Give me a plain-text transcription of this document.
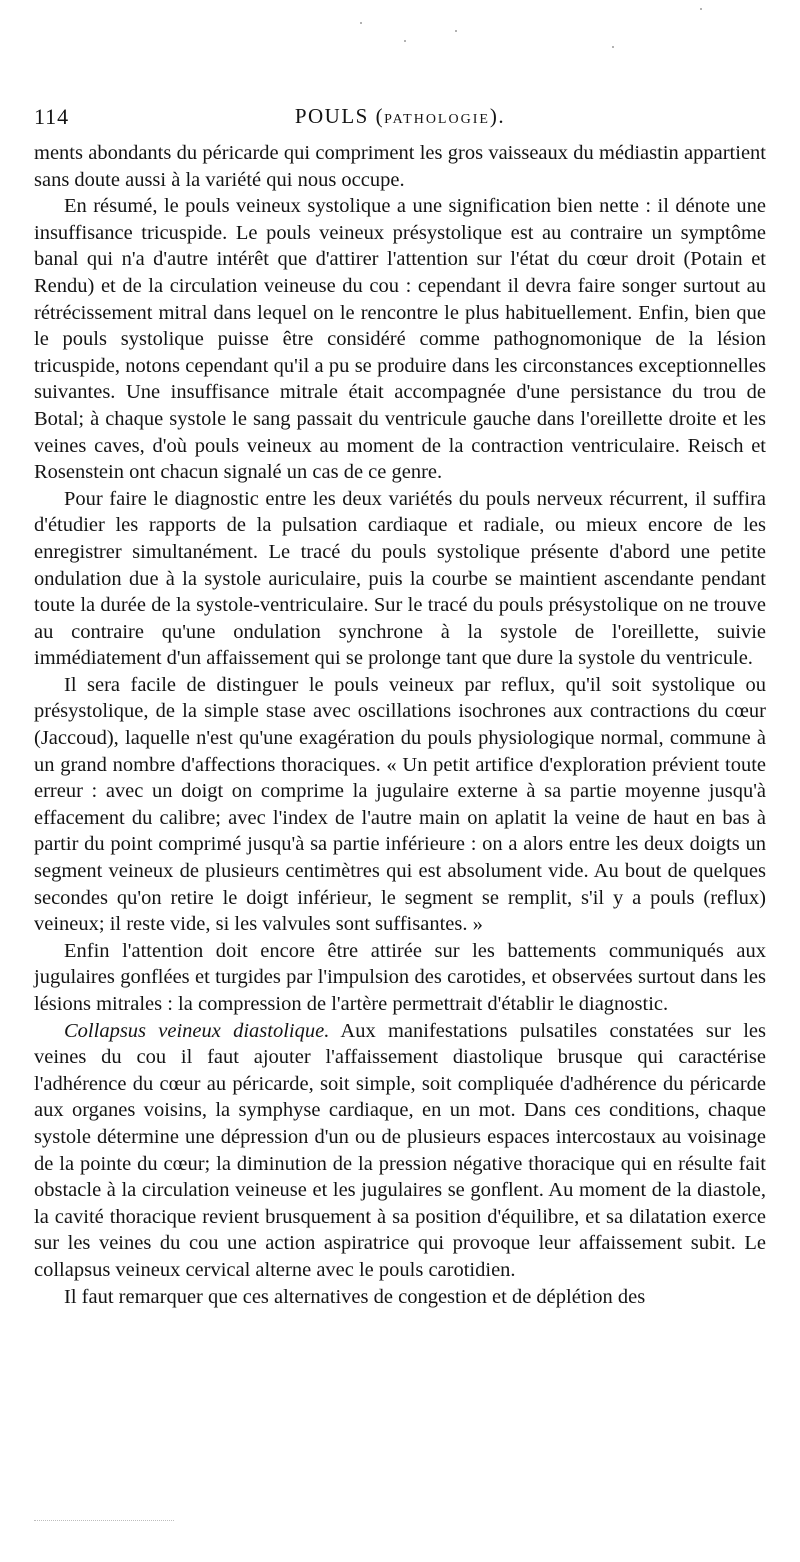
114	POULS (PATHOLOGIE).

ments abondants du péricarde qui compriment les gros vaisseaux du médiastin appartient sans doute aussi à la variété qui nous occupe.

En résumé, le pouls veineux systolique a une signification bien nette : il dénote une insuffisance tricuspide. Le pouls veineux présystolique est au contraire un symptôme banal qui n'a d'autre intérêt que d'attirer l'attention sur l'état du cœur droit (Potain et Rendu) et de la circulation veineuse du cou : cependant il devra faire songer surtout au rétrécissement mitral dans lequel on le rencontre le plus habituellement. Enfin, bien que le pouls systolique puisse être considéré comme pathognomonique de la lésion tricuspide, notons cependant qu'il a pu se produire dans les circonstances exceptionnelles suivantes. Une insuffisance mitrale était accompagnée d'une persistance du trou de Botal; à chaque systole le sang passait du ventricule gauche dans l'oreillette droite et les veines caves, d'où pouls veineux au moment de la contraction ventriculaire. Reisch et Rosenstein ont chacun signalé un cas de ce genre.

Pour faire le diagnostic entre les deux variétés du pouls nerveux récurrent, il suffira d'étudier les rapports de la pulsation cardiaque et radiale, ou mieux encore de les enregistrer simultanément. Le tracé du pouls systolique présente d'abord une petite ondulation due à la systole auriculaire, puis la courbe se maintient ascendante pendant toute la durée de la systole-ventriculaire. Sur le tracé du pouls présystolique on ne trouve au contraire qu'une ondulation synchrone à la systole de l'oreillette, suivie immédiatement d'un affaissement qui se prolonge tant que dure la systole du ventricule.

Il sera facile de distinguer le pouls veineux par reflux, qu'il soit systolique ou présystolique, de la simple stase avec oscillations isochrones aux contractions du cœur (Jaccoud), laquelle n'est qu'une exagération du pouls physiologique normal, commune à un grand nombre d'affections thoraciques. « Un petit artifice d'exploration prévient toute erreur : avec un doigt on comprime la jugulaire externe à sa partie moyenne jusqu'à effacement du calibre; avec l'index de l'autre main on aplatit la veine de haut en bas à partir du point comprimé jusqu'à sa partie inférieure : on a alors entre les deux doigts un segment veineux de plusieurs centimètres qui est absolument vide. Au bout de quelques secondes qu'on retire le doigt inférieur, le segment se remplit, s'il y a pouls (reflux) veineux; il reste vide, si les valvules sont suffisantes. »

Enfin l'attention doit encore être attirée sur les battements communiqués aux jugulaires gonflées et turgides par l'impulsion des carotides, et observées surtout dans les lésions mitrales : la compression de l'artère permettrait d'établir le diagnostic.

Collapsus veineux diastolique. Aux manifestations pulsatiles constatées sur les veines du cou il faut ajouter l'affaissement diastolique brusque qui caractérise l'adhérence du cœur au péricarde, soit simple, soit compliquée d'adhérence du péricarde aux organes voisins, la symphyse cardiaque, en un mot. Dans ces conditions, chaque systole détermine une dépression d'un ou de plusieurs espaces intercostaux au voisinage de la pointe du cœur; la diminution de la pression négative thoracique qui en résulte fait obstacle à la circulation veineuse et les jugulaires se gonflent. Au moment de la diastole, la cavité thoracique revient brusquement à sa position d'équilibre, et sa dilatation exerce sur les veines du cou une action aspiratrice qui provoque leur affaissement subit. Le collapsus veineux cervical alterne avec le pouls carotidien.

Il faut remarquer que ces alternatives de congestion et de déplétion des
